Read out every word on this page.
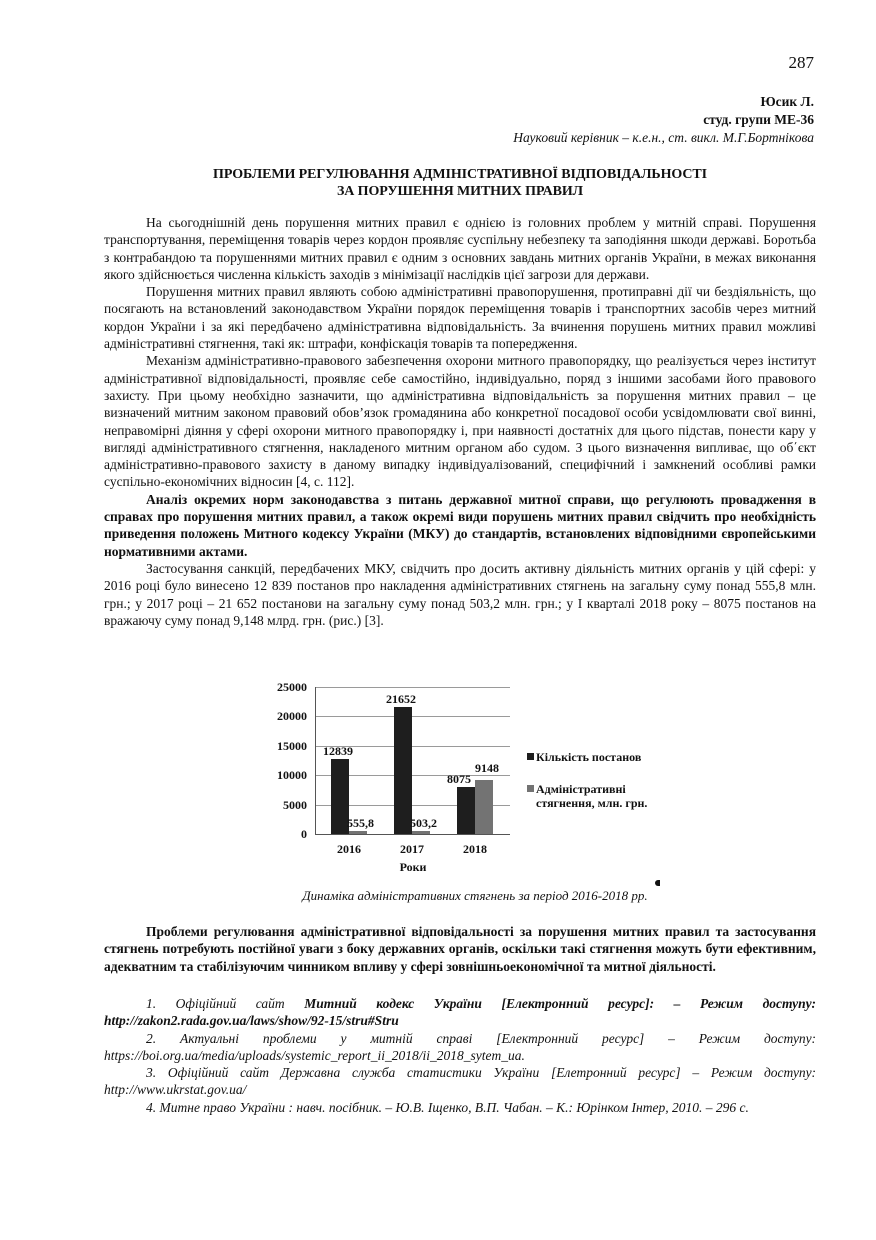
287
Юсик Л.
студ. групи МЕ-36
Науковий керівник – к.е.н., ст. викл. М.Г.Бортнікова
ПРОБЛЕМИ РЕГУЛЮВАННЯ АДМІНІСТРАТИВНОЇ ВІДПОВІДАЛЬНОСТІ
ЗА ПОРУШЕННЯ МИТНИХ ПРАВИЛ

На сьогоднішній день порушення митних правил є однією із головних проблем у митній справі. Порушення транспортування, переміщення товарів через кордон проявляє суспільну небезпеку та заподіяння шкоди державі. Боротьба з контрабандою та порушеннями митних правил є одним з основних завдань митних органів України, в межах виконання якого здійснюється численна кількість заходів з мінімізації наслідків цієї загрози для держави.

Порушення митних правил являють собою адміністративні правопорушення, протиправні дії чи бездіяльність, що посягають на встановлений законодавством України порядок переміщення товарів і транспортних засобів через митний кордон України і за які передбачено адміністративна відповідальність. За вчинення порушень митних правил можливі адміністративні стягнення, такі як: штрафи, конфіскація товарів та попередження.

Механізм адміністративно-правового забезпечення охорони митного правопорядку, що реалізується через інститут адміністративної відповідальності, проявляє себе самостійно, індивідуально, поряд з іншими засобами його правового захисту. При цьому необхідно зазначити, що адміністративна відповідальність за порушення митних правил – це визначений митним законом правовий обов’язок громадянина або конкретної посадової особи усвідомлювати свої винні, неправомірні діяння у сфері охорони митного правопорядку і, при наявності достатніх для цього підстав, понести кару у вигляді адміністративного стягнення, накладеного митним органом або судом. З цього визначення випливає, що об΄єкт адміністративно-правового захисту в даному випадку індивідуалізований, специфічний і замкнений особливі рамки суспільно-економічних відносин [4, с. 112].

Аналіз окремих норм законодавства з питань державної митної справи, що регулюють провадження в справах про порушення митних правил, а також окремі види порушень митних правил свідчить про необхідність приведення положень Митного кодексу України (МКУ) до стандартів, встановлених відповідними європейськими нормативними актами.

Застосування санкцій, передбачених МКУ, свідчить про досить активну діяльність митних органів у цій сфері: у 2016 році було винесено 12 839 постанов про накладення адміністративних стягнень на загальну суму понад 555,8 млн. грн.; у 2017 році – 21 652 постанови на загальну суму понад 503,2 млн. грн.; у І кварталі 2018 року – 8075 постанов на вражаючу суму понад 9,148 млрд. грн. (рис.) [3].

25000
20000
15000
10000
5000
0
12839
555,8
21652
503,2
8075
9148
2016	2017	2018
Роки
Кількість постанов
Адміністративні стягнення, млн. грн.
Динаміка адміністративних стягнень за період 2016-2018 рр.

Проблеми регулювання адміністративної відповідальності за порушення митних правил та застосування стягнень потребують постійної уваги з боку державних органів, оскільки такі стягнення можуть бути ефективним, адекватним та стабілізуючим чинником впливу у сфері зовнішньоекономічної та митної діяльності.

1. Офіційний сайт Митний кодекс України [Електронний ресурс]: – Режим доступу: http://zakon2.rada.gov.ua/laws/show/92-15/stru#Stru

2. Актуальні проблеми у митній справі [Електронний ресурс] – Режим доступу: https://boi.org.ua/media/uploads/systemic_report_ii_2018/ii_2018_sytem_ua.

3. Офіційний сайт Державна служба статистики України [Елетронний ресурс] – Режим доступу: http://www.ukrstat.gov.ua/

4. Митне право України : навч. посібник. – Ю.В. Іщенко, В.П. Чабан. – К.: Юрінком Інтер, 2010. – 296 с.
